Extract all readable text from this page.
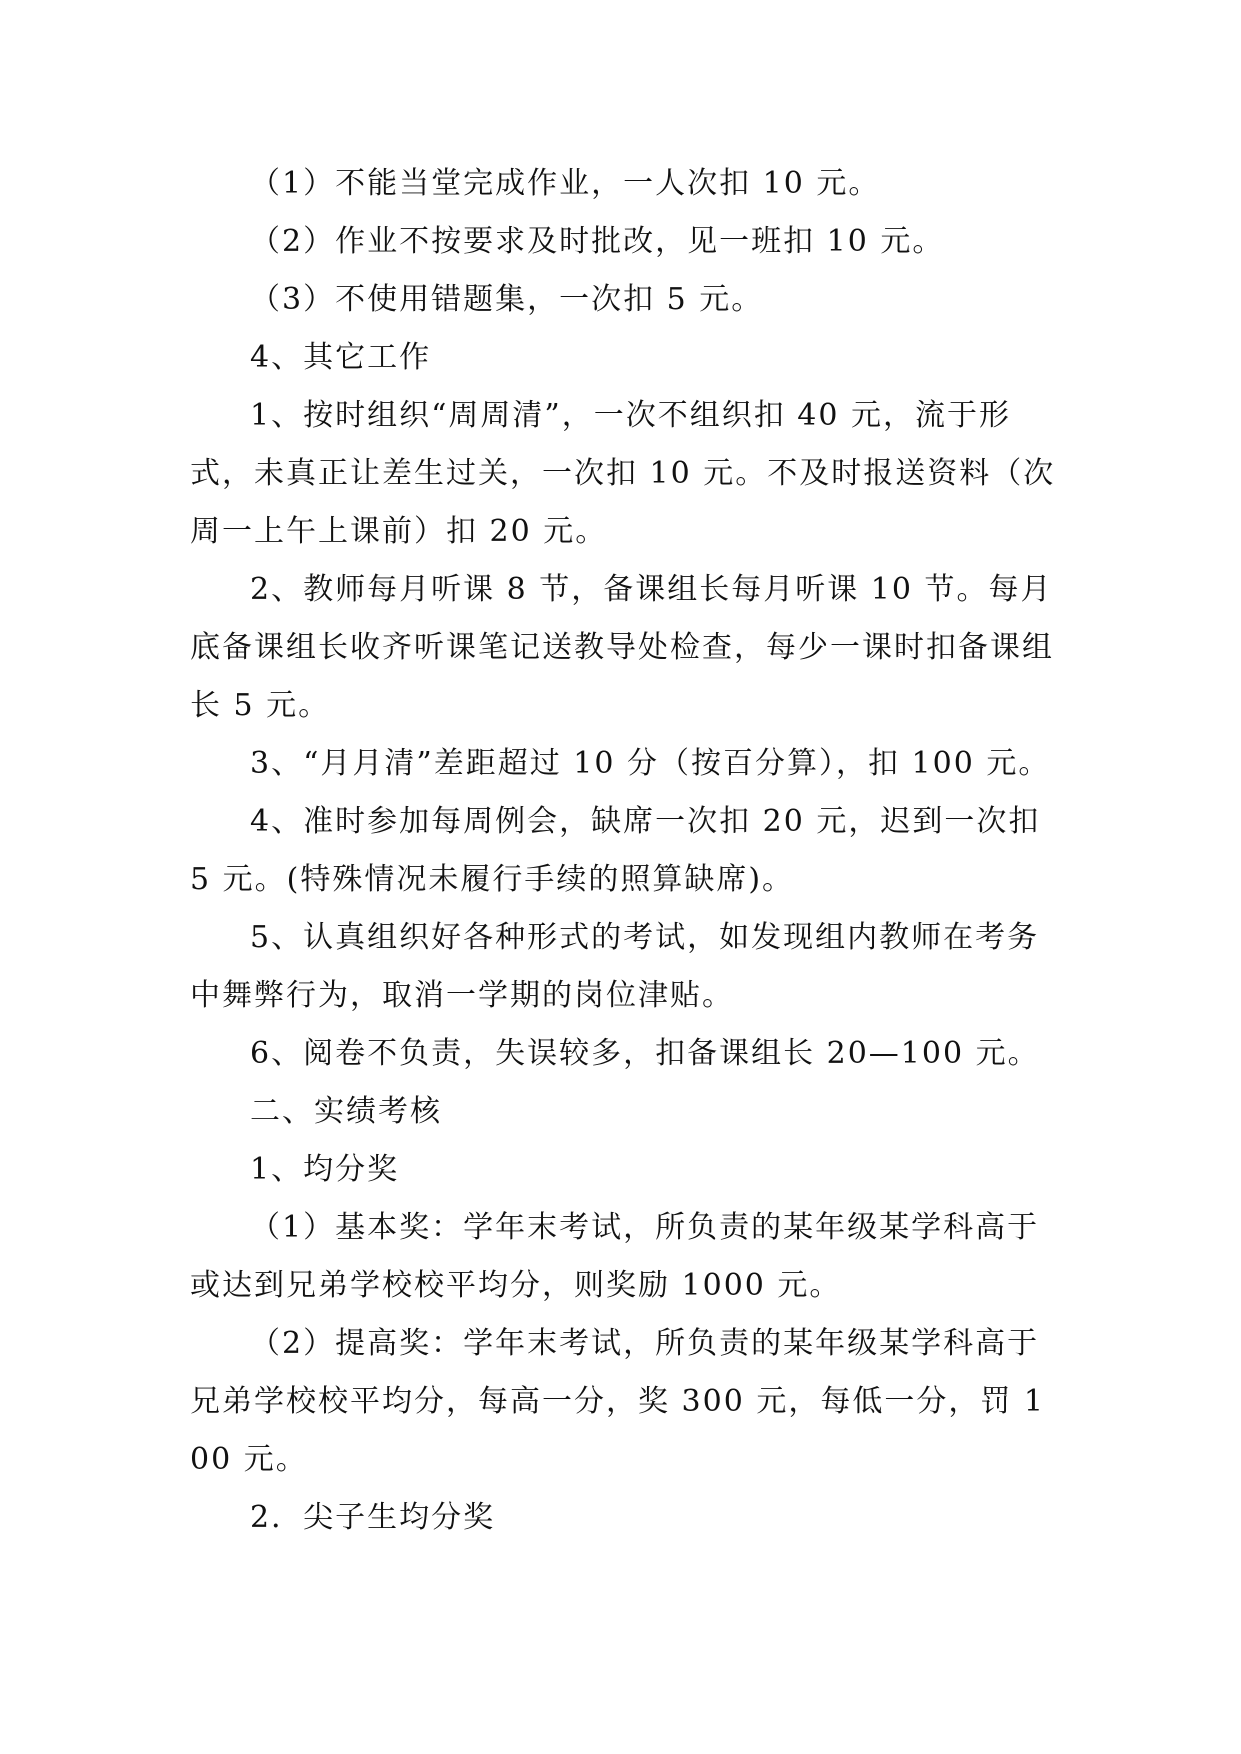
（1）不能当堂完成作业，一人次扣 10 元。

（2）作业不按要求及时批改，见一班扣 10 元。

（3）不使用错题集，一次扣 5 元。

4、其它工作

1、按时组织“周周清”，一次不组织扣 40 元，流于形式，未真正让差生过关，一次扣 10 元。不及时报送资料（次周一上午上课前）扣 20 元。

2、教师每月听课 8 节，备课组长每月听课 10 节。每月底备课组长收齐听课笔记送教导处检查，每少一课时扣备课组长 5 元。

3、“月月清”差距超过 10 分（按百分算），扣 100 元。

4、准时参加每周例会，缺席一次扣 20 元，迟到一次扣 5 元。(特殊情况未履行手续的照算缺席)。

5、认真组织好各种形式的考试，如发现组内教师在考务中舞弊行为，取消一学期的岗位津贴。

6、阅卷不负责，失误较多，扣备课组长 20—100 元。

二、实绩考核

1、均分奖

（1）基本奖：学年末考试，所负责的某年级某学科高于或达到兄弟学校校平均分，则奖励 1000 元。

（2）提高奖：学年末考试，所负责的某年级某学科高于兄弟学校校平均分，每高一分，奖 300 元，每低一分，罚 100 元。

2．尖子生均分奖
